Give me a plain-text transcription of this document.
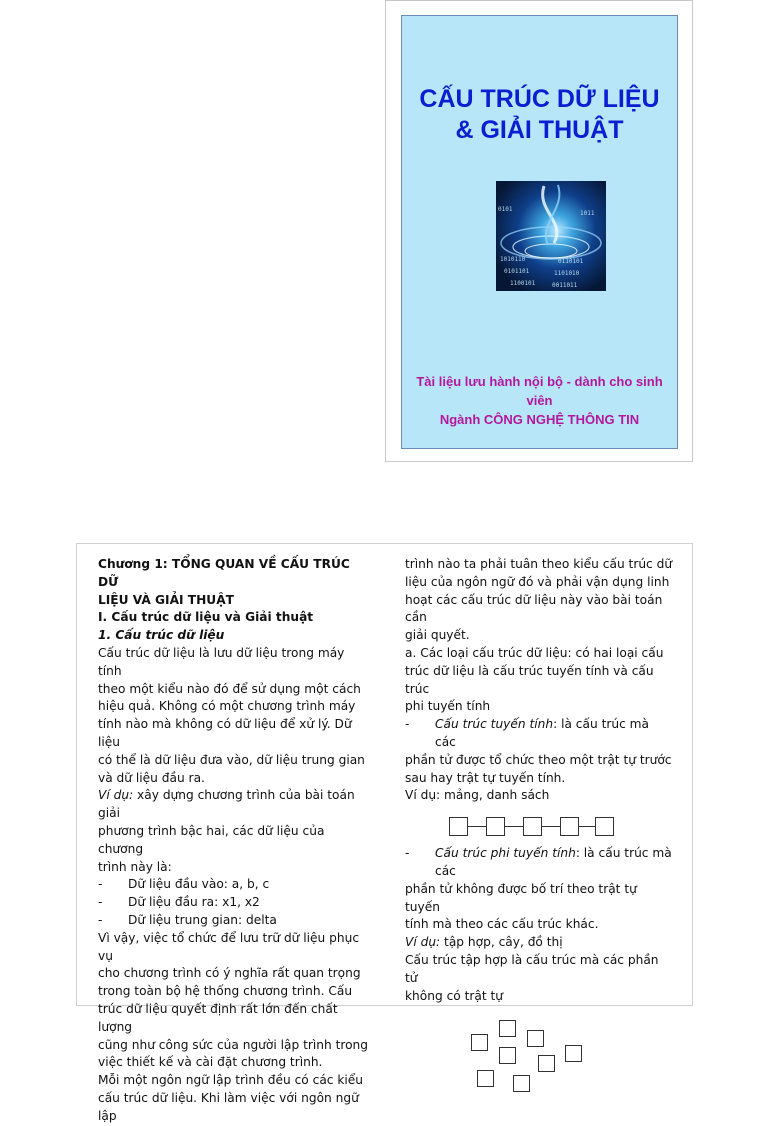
CẤU TRÚC DỮ LIỆU
& GIẢI THUẬT
1010110	0110101
0101101	1101010
1100101	0011011
0101
1011
Tài liệu lưu hành nội bộ - dành cho sinh viên
Ngành CÔNG NGHỆ THÔNG TIN

Chương 1: TỔNG QUAN VỀ CẤU TRÚC DỮ

LIỆU VÀ GIẢI THUẬT

I. Cấu trúc dữ liệu và Giải thuật

1. Cấu trúc dữ liệu

Cấu trúc dữ liệu là lưu dữ liệu trong máy tính

theo một kiểu nào đó để sử dụng một cách

hiệu quả. Không có một chương trình máy

tính nào mà không có dữ liệu để xử lý. Dữ liệu

có thể là dữ liệu đưa vào, dữ liệu trung gian

và dữ liệu đầu ra.

Ví dụ: xây dựng chương trình của bài toán giải

phương trình bậc hai, các dữ liệu của chương

trình này là:

-	Dữ liệu đầu vào: a, b, c
-	Dữ liệu đầu ra: x1, x2
-	Dữ liệu trung gian: delta

Vì vậy, việc tổ chức để lưu trữ dữ liệu phục vụ

cho chương trình có ý nghĩa rất quan trọng

trong toàn bộ hệ thống chương trình. Cấu

trúc dữ liệu quyết định rất lớn đến chất lượng

cũng như công sức của người lập trình trong

việc thiết kế và cài đặt chương trình.

Mỗi một ngôn ngữ lập trình đều có các kiểu

cấu trúc dữ liệu. Khi làm việc với ngôn ngữ lập

trình nào ta phải tuân theo kiểu cấu trúc dữ

liệu của ngôn ngữ đó và phải vận dụng linh

hoạt các cấu trúc dữ liệu này vào bài toán cần

giải quyết.

a. Các loại cấu trúc dữ liệu: có hai loại cấu

trúc dữ liệu là cấu trúc tuyến tính và cấu trúc

phi tuyến tính

-	Cấu trúc tuyến tính: là cấu trúc mà các

phần tử được tổ chức theo một trật tự trước

sau hay trật tự tuyến tính.

Ví dụ: mảng, danh sách

-	Cấu trúc phi tuyến tính: là cấu trúc mà các

phần tử không được bố trí theo trật tự tuyến

tính mà theo các cấu trúc khác.

Ví dụ: tập hợp, cây, đồ thị

Cấu trúc tập hợp là cấu trúc mà các phần tử

không có trật tự
